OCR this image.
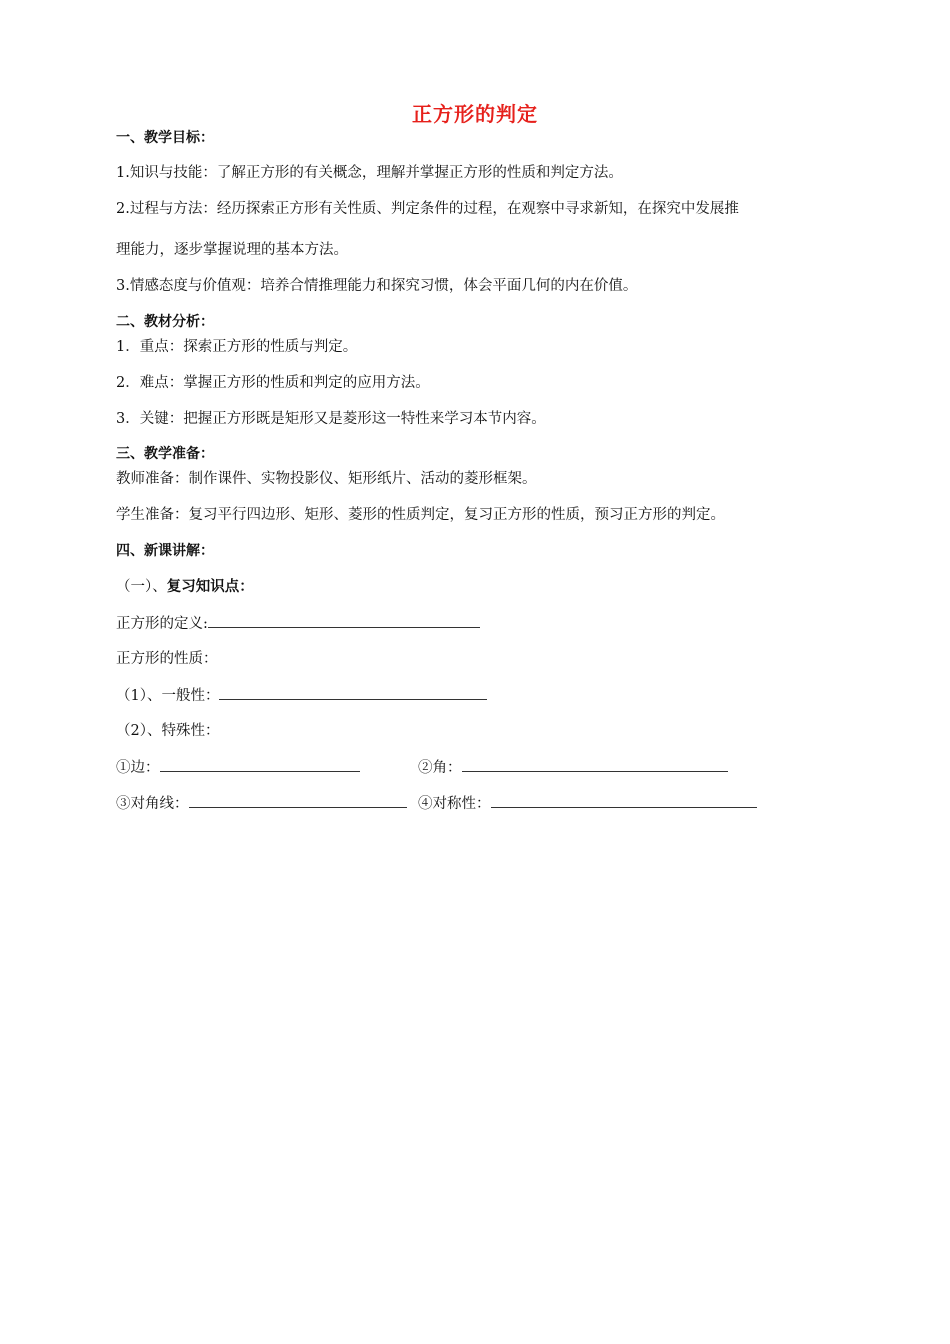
正方形的判定
一、教学目标：
1.知识与技能：了解正方形的有关概念，理解并掌握正方形的性质和判定方法。
2.过程与方法：经历探索正方形有关性质、判定条件的过程，在观察中寻求新知，在探究中发展推
理能力，逐步掌握说理的基本方法。
3.情感态度与价值观：培养合情推理能力和探究习惯，体会平面几何的内在价值。
二、教材分析：
1．重点：探索正方形的性质与判定。
2．难点：掌握正方形的性质和判定的应用方法。
3．关键：把握正方形既是矩形又是菱形这一特性来学习本节内容。
三、教学准备：
教师准备：制作课件、实物投影仪、矩形纸片、活动的菱形框架。
学生准备：复习平行四边形、矩形、菱形的性质判定，复习正方形的性质，预习正方形的判定。
四、新课讲解：
（一）、复习知识点：
正方形的定义:
正方形的性质：
（1）、一般性：
（2）、特殊性：
①边：	②角：
③对角线：	④对称性：
